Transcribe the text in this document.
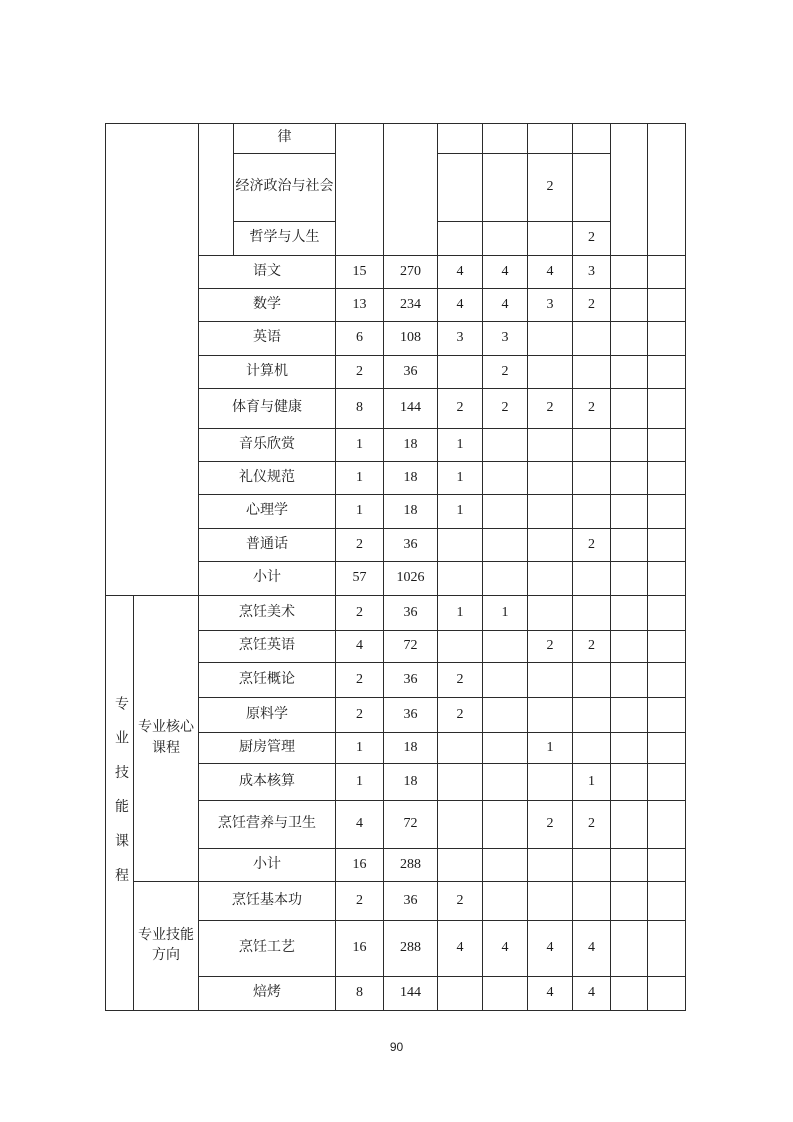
			律								
			经济政治与社会					2			
			哲学与人生						2		
		语文		15	270	4	4	4	3		
		数学		13	234	4	4	3	2		
		英语		6	108	3	3				
		计算机		2	36		2				
		体育与健康		8	144	2	2	2	2		
		音乐欣赏		1	18	1					
		礼仪规范		1	18	1					
		心理学		1	18	1					
		普通话		2	36				2		
		小计		57	1026						
专业技能课程	专业核心课程	烹饪美术		2	36	1	1				
		烹饪英语		4	72			2	2		
		烹饪概论		2	36	2					
		原料学		2	36	2					
		厨房管理		1	18			1			
		成本核算		1	18				1		
		烹饪营养与卫生		4	72			2	2		
		小计		16	288						
	专业技能方向	烹饪基本功		2	36	2					
		烹饪工艺		16	288	4	4	4	4		
		焙烤		8	144			4	4		
90
